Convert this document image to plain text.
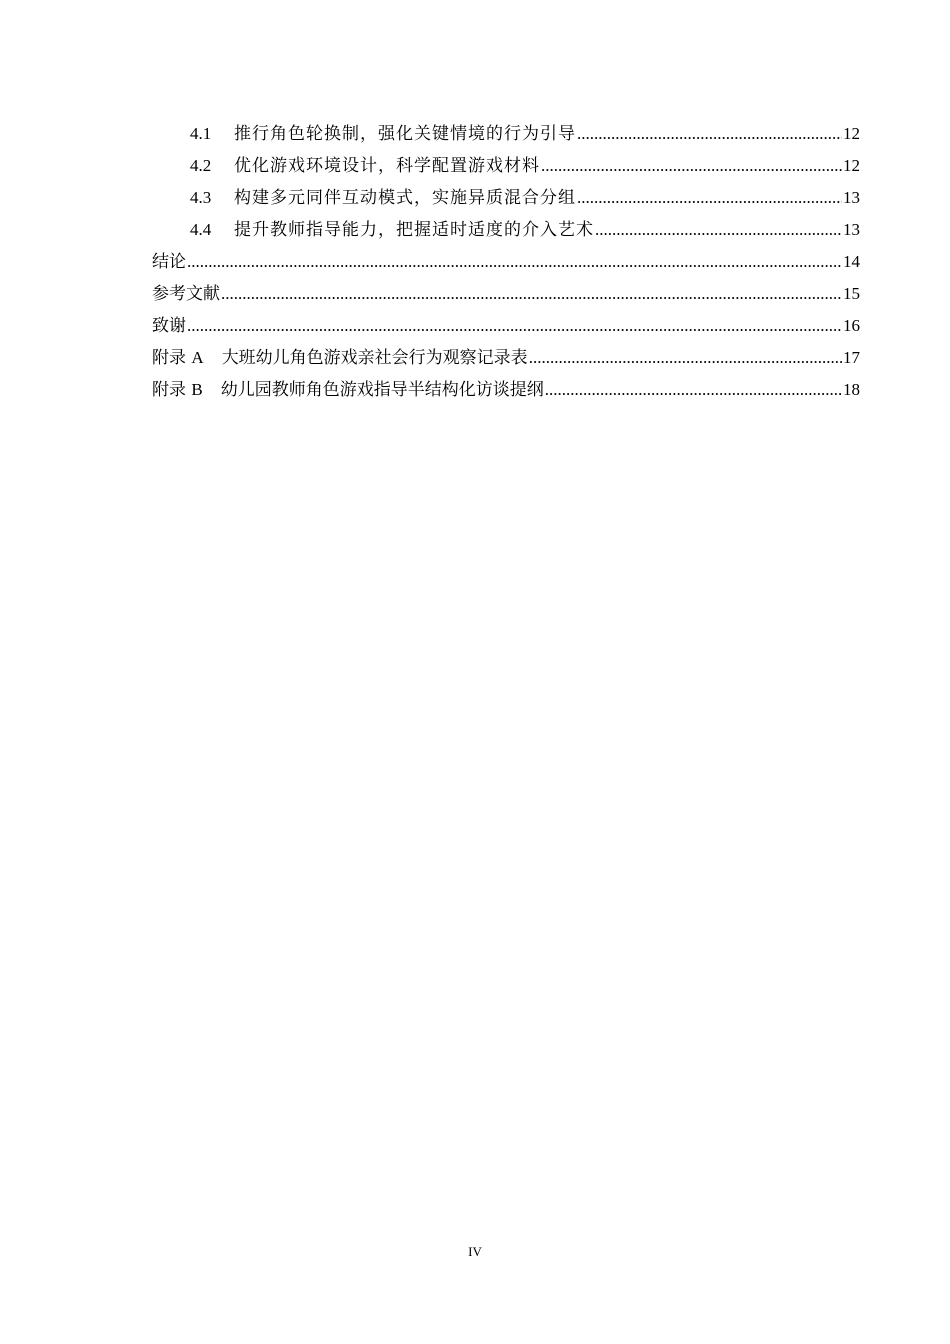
4.1	推行角色轮换制，强化关键情境的行为引导 .....	12
4.2	优化游戏环境设计，科学配置游戏材料 .....	12
4.3	构建多元同伴互动模式，实施异质混合分组 .....	13
4.4	提升教师指导能力，把握适时适度的介入艺术 .....	13
结论 .....	14
参考文献 .....	15
致谢 .....	16
附录 A 大班幼儿角色游戏亲社会行为观察记录表 .....	17
附录 B 幼儿园教师角色游戏指导半结构化访谈提纲 .....	18
IV
